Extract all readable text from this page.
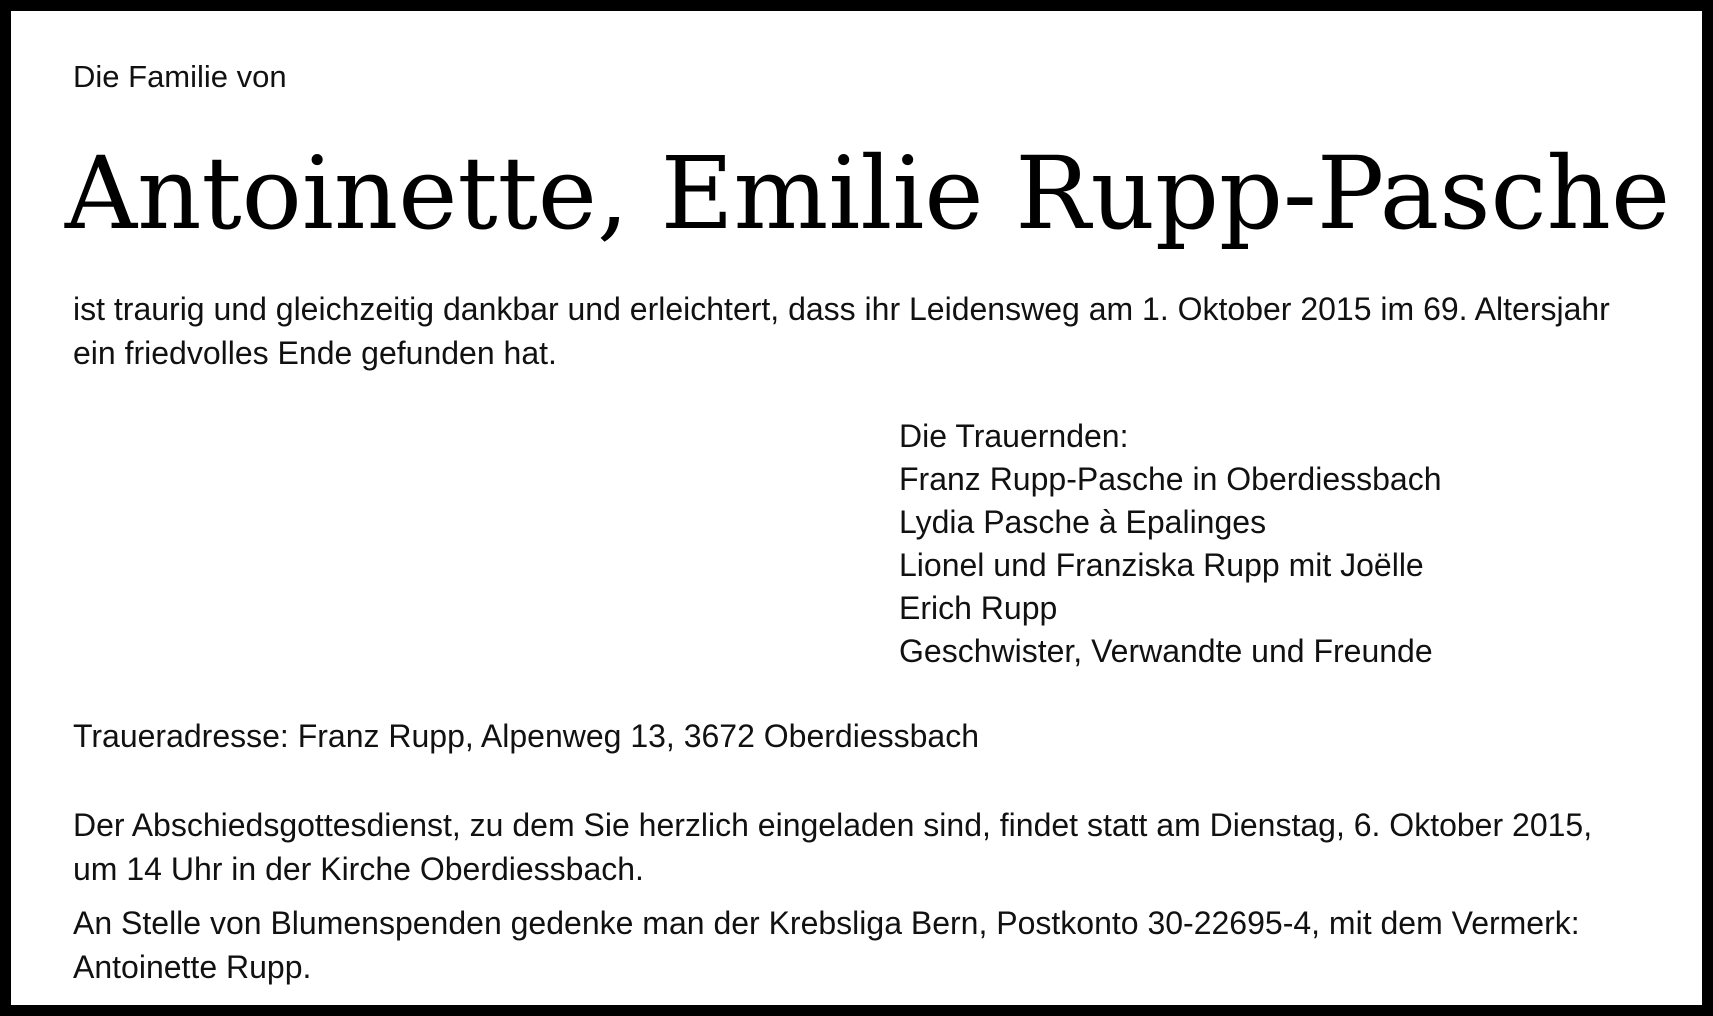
Die Familie von

Antoinette, Emilie Rupp-Pasche

ist traurig und gleichzeitig dankbar und erleichtert, dass ihr Leidensweg am 1. Oktober 2015 im 69. Altersjahr
ein friedvolles Ende gefunden hat.

Die Trauernden:
Franz Rupp-Pasche in Oberdiessbach
Lydia Pasche à Epalinges
Lionel und Franziska Rupp mit Joëlle
Erich Rupp
Geschwister, Verwandte und Freunde

Traueradresse: Franz Rupp, Alpenweg 13, 3672 Oberdiessbach

Der Abschiedsgottesdienst, zu dem Sie herzlich eingeladen sind, findet statt am Dienstag, 6. Oktober 2015,
um 14 Uhr in der Kirche Oberdiessbach.

An Stelle von Blumenspenden gedenke man der Krebsliga Bern, Postkonto 30-22695-4, mit dem Vermerk:
Antoinette Rupp.
